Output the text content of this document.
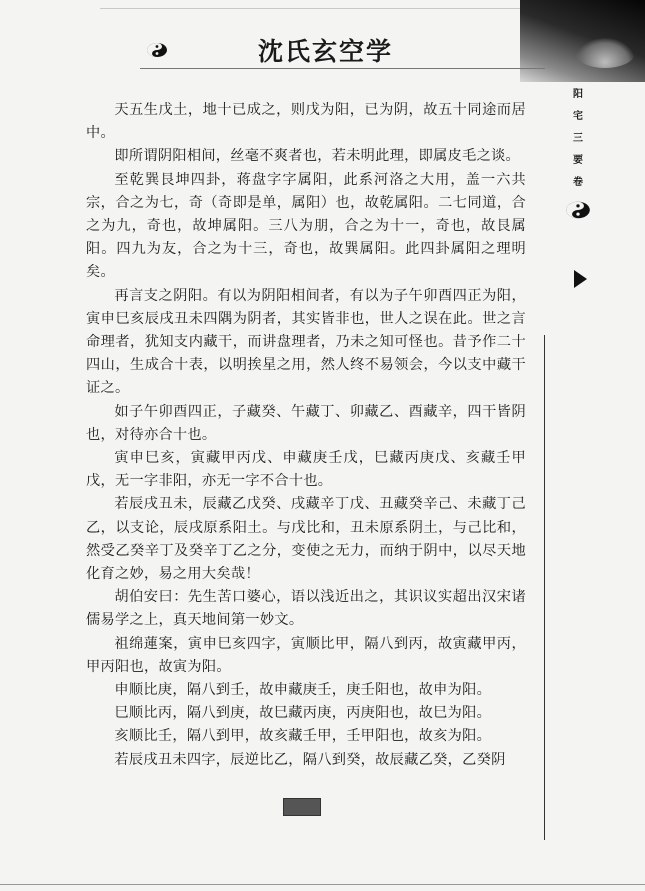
沈氏玄空学
阳
宅
三
要
卷

天五生戊土，地十已成之，则戊为阳，已为阴，故五十同途而居中。

即所谓阴阳相间，丝毫不爽者也，若未明此理，即属皮毛之谈。

至乾巽艮坤四卦，蒋盘字字属阳，此系河洛之大用，盖一六共宗，合之为七，奇（奇即是单，属阳）也，故乾属阳。二七同道，合之为九，奇也，故坤属阳。三八为朋，合之为十一，奇也，故艮属阳。四九为友，合之为十三，奇也，故巽属阳。此四卦属阳之理明矣。

再言支之阴阳。有以为阴阳相间者，有以为子午卯酉四正为阳，寅申巳亥辰戌丑未四隅为阴者，其实皆非也，世人之误在此。世之言命理者，犹知支内藏干，而讲盘理者，乃未之知可怪也。昔予作二十四山，生成合十表，以明挨星之用，然人终不易领会，今以支中藏干证之。

如子午卯酉四正，子藏癸、午藏丁、卯藏乙、酉藏辛，四干皆阴也，对待亦合十也。

寅申巳亥，寅藏甲丙戊、申藏庚壬戊，巳藏丙庚戊、亥藏壬甲戊，无一字非阳，亦无一字不合十也。

若辰戌丑未，辰藏乙戊癸、戌藏辛丁戊、丑藏癸辛己、未藏丁己乙，以支论，辰戌原系阳土。与戊比和，丑未原系阴土，与己比和，然受乙癸辛丁及癸辛丁乙之分，变使之无力，而纳于阴中，以尽天地化育之妙，易之用大矣哉！

胡伯安曰：先生苦口婆心，语以浅近出之，其识议实超出汉宋诸儒易学之上，真天地间第一妙文。

祖绵蓮案，寅申巳亥四字，寅顺比甲，隔八到丙，故寅藏甲丙，甲丙阳也，故寅为阳。

申顺比庚，隔八到壬，故申藏庚壬，庚壬阳也，故申为阳。

巳顺比丙，隔八到庚，故巳藏丙庚，丙庚阳也，故巳为阳。

亥顺比壬，隔八到甲，故亥藏壬甲，壬甲阳也，故亥为阳。

若辰戌丑未四字，辰逆比乙，隔八到癸，故辰藏乙癸，乙癸阴
